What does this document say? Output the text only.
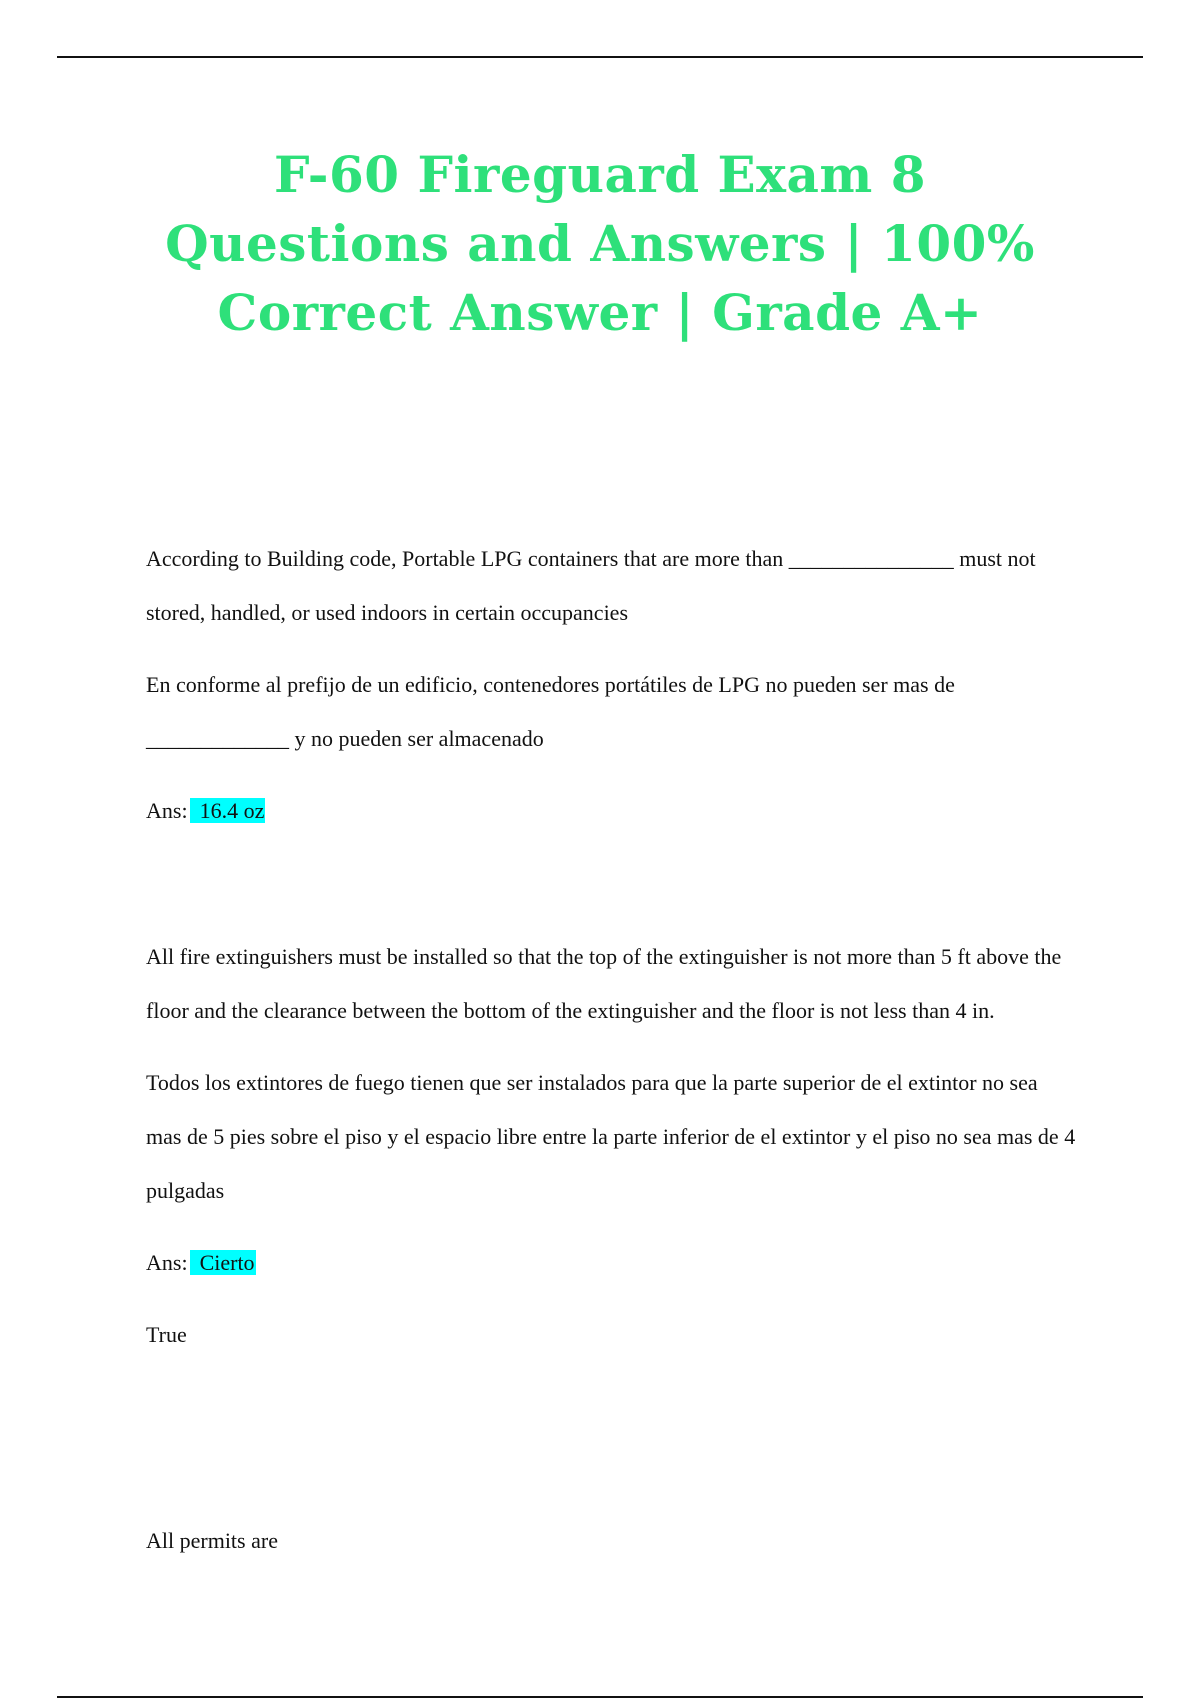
F-60 Fireguard Exam 8 Questions and Answers | 100% Correct Answer | Grade A+

According to Building code, Portable LPG containers that are more than _______________ must not stored, handled, or used indoors in certain occupancies

En conforme al prefijo de un edificio, contenedores portátiles de LPG no pueden ser mas de _____________ y no pueden ser almacenado

Ans: 16.4 oz

All fire extinguishers must be installed so that the top of the extinguisher is not more than 5 ft above the floor and the clearance between the bottom of the extinguisher and the floor is not less than 4 in.

Todos los extintores de fuego tienen que ser instalados para que la parte superior de el extintor no sea mas de 5 pies sobre el piso y el espacio libre entre la parte inferior de el extintor y el piso no sea mas de 4 pulgadas

Ans: Cierto

True

All permits are
